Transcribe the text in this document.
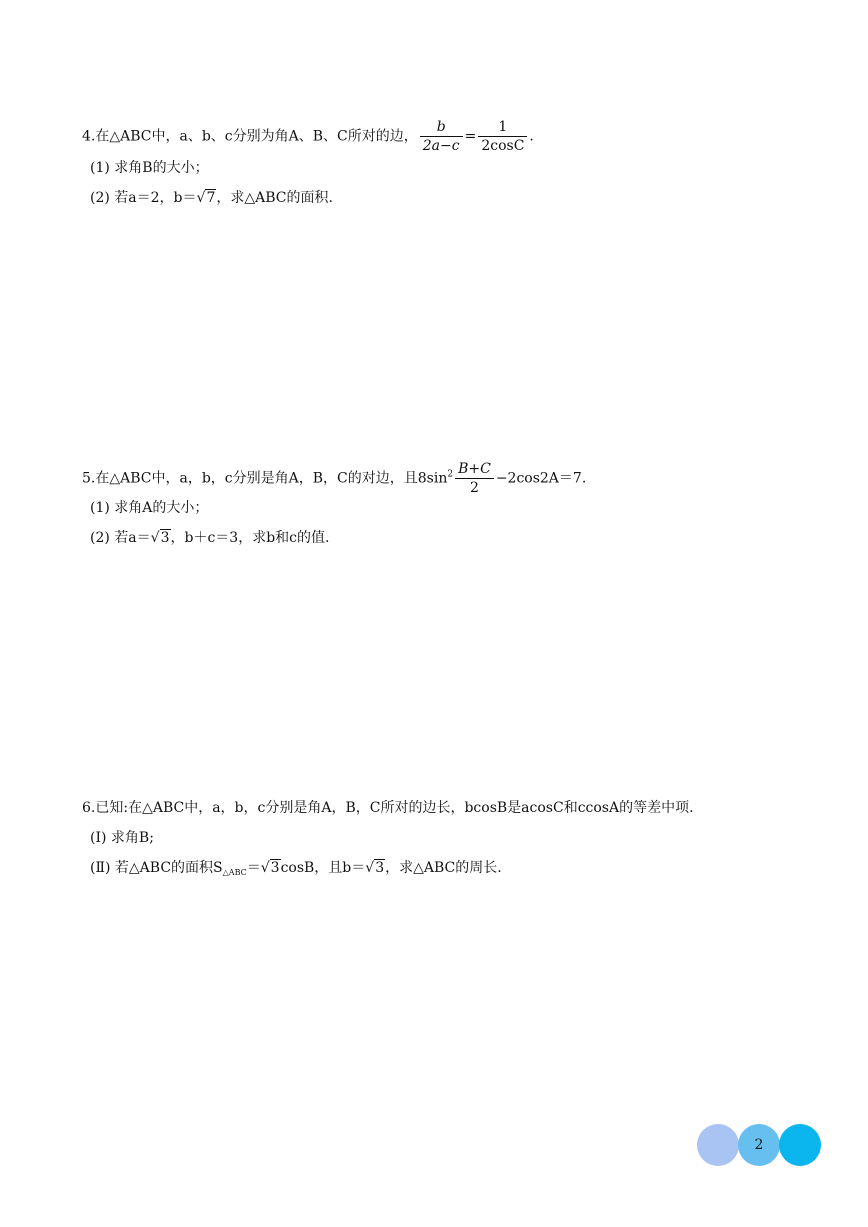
4.在△ABC中，a、b、c分别为角A、B、C所对的边， $\frac{b}{2a-c} = \frac{1}{2\cos C}$ .
(1) 求角B的大小；
(2) 若a＝2，b＝√7，求△ABC的面积.
5.在△ABC中，a，b，c分别是角A，B，C的对边，且$8\sin^2 \frac{B+C}{2} -2\cos 2A=7$.
(1) 求角A的大小；
(2) 若a＝√3，b＋c＝3，求b和c的值.
6.已知:在△ABC中，a，b，c分别是角A，B，C所对的边长，bcosB是acosC和ccosA的等差中项.
(Ⅰ) 求角B;
(Ⅱ) 若△ABC的面积$S_{\triangle ABC}=√3\cos B$，且b＝√3，求△ABC的周长.
2
